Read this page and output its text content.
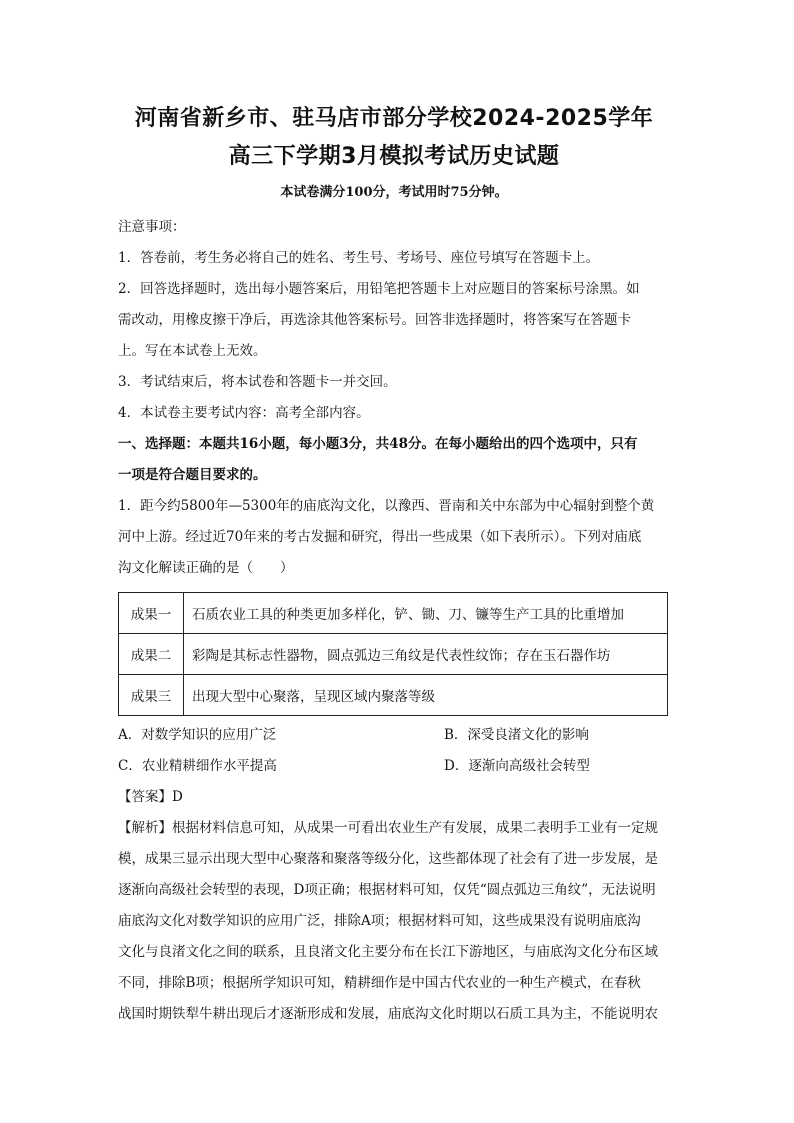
河南省新乡市、驻马店市部分学校2024-2025学年
高三下学期3月模拟考试历史试题

本试卷满分100分，考试用时75分钟。

注意事项：

1．答卷前，考生务必将自己的姓名、考生号、考场号、座位号填写在答题卡上。

2．回答选择题时，选出每小题答案后，用铅笔把答题卡上对应题目的答案标号涂黑。如

需改动，用橡皮擦干净后，再选涂其他答案标号。回答非选择题时，将答案写在答题卡

上。写在本试卷上无效。

3．考试结束后，将本试卷和答题卡一并交回。

4．本试卷主要考试内容：高考全部内容。

一、选择题：本题共16小题，每小题3分，共48分。在每小题给出的四个选项中，只有

一项是符合题目要求的。

1．距今约5800年—5300年的庙底沟文化，以豫西、晋南和关中东部为中心辐射到整个黄

河中上游。经过近70年来的考古发掘和研究，得出一些成果（如下表所示）。下列对庙底

沟文化解读正确的是（　　）

成果一	石质农业工具的种类更加多样化，铲、锄、刀、镰等生产工具的比重增加
成果二	彩陶是其标志性器物，圆点弧边三角纹是代表性纹饰；存在玉石器作坊
成果三	出现大型中心聚落，呈现区域内聚落等级
A．对数学知识的应用广泛	B．深受良渚文化的影响
C．农业精耕细作水平提高	D．逐渐向高级社会转型

【答案】D

【解析】根据材料信息可知，从成果一可看出农业生产有发展，成果二表明手工业有一定规

模，成果三显示出现大型中心聚落和聚落等级分化，这些都体现了社会有了进一步发展，是

逐渐向高级社会转型的表现，D项正确；根据材料可知，仅凭“圆点弧边三角纹”，无法说明

庙底沟文化对数学知识的应用广泛，排除A项；根据材料可知，这些成果没有说明庙底沟

文化与良渚文化之间的联系，且良渚文化主要分布在长江下游地区，与庙底沟文化分布区域

不同，排除B项；根据所学知识可知，精耕细作是中国古代农业的一种生产模式，在春秋

战国时期铁犁牛耕出现后才逐渐形成和发展，庙底沟文化时期以石质工具为主，不能说明农
